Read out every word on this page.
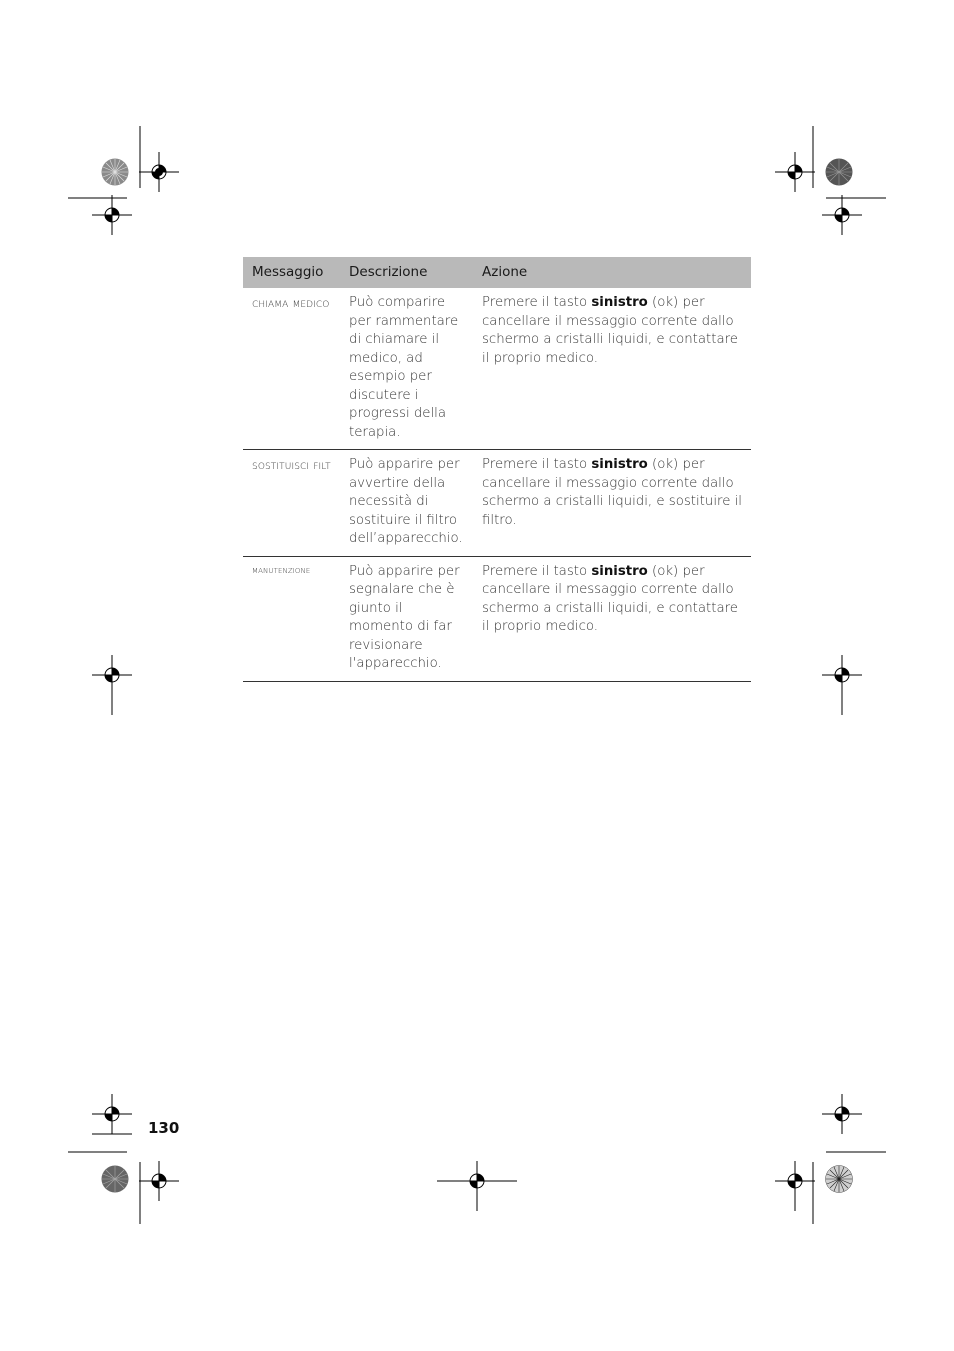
Messaggio	Descrizione	Azione
chiama medico	Può comparire per rammentare di chiamare il medico, ad esempio per discutere i progressi della terapia.	Premere il tasto sinistro (ok) per cancellare il messaggio corrente dallo schermo a cristalli liquidi, e contattare il proprio medico.
sostituisci filt	Può apparire per avvertire della necessità di sostituire il filtro dell’apparecchio.	Premere il tasto sinistro (ok) per cancellare il messaggio corrente dallo schermo a cristalli liquidi, e sostituire il filtro.
manutenzione	Può apparire per segnalare che è giunto il momento di far revisionare l'apparecchio.	Premere il tasto sinistro (ok) per cancellare il messaggio corrente dallo schermo a cristalli liquidi, e contattare il proprio medico.
130
